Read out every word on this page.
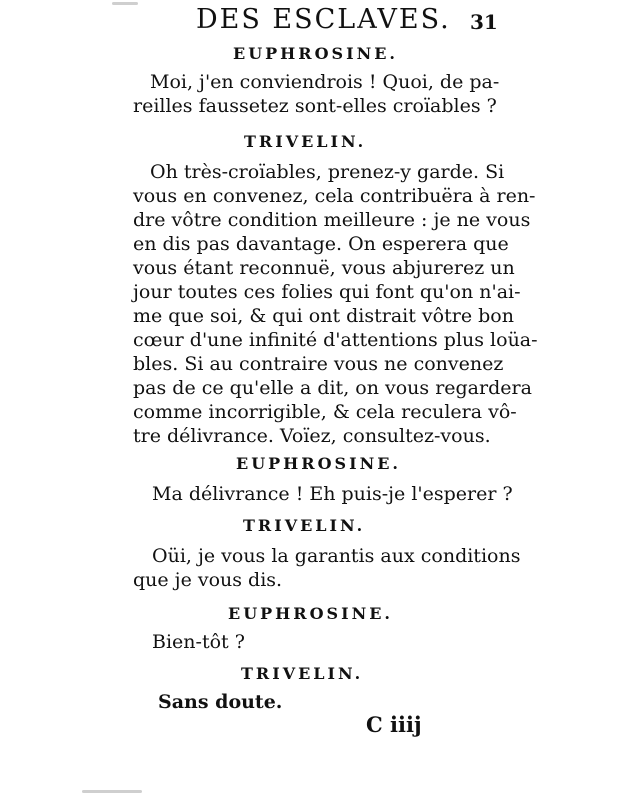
DES ESCLAVES. 31
EUPHROSINE.
Moi, j'en conviendrois ! Quoi, de pa-
reilles faussetez sont-elles croïables ?
TRIVELIN.
Oh très-croïables, prenez-y garde. Si
vous en convenez, cela contribuëra à ren-
dre vôtre condition meilleure : je ne vous
en dis pas davantage. On esperera que
vous étant reconnuë, vous abjurerez un
jour toutes ces folies qui font qu'on n'ai-
me que soi, & qui ont distrait vôtre bon
cœur d'une infinité d'attentions plus loüa-
bles. Si au contraire vous ne convenez
pas de ce qu'elle a dit, on vous regardera
comme incorrigible, & cela reculera vô-
tre délivrance. Voïez, consultez-vous.
EUPHROSINE.
Ma délivrance ! Eh puis-je l'esperer ?
TRIVELIN.
Oüi, je vous la garantis aux conditions
que je vous dis.
EUPHROSINE.
Bien-tôt ?
TRIVELIN.
Sans doute.
C iiij
